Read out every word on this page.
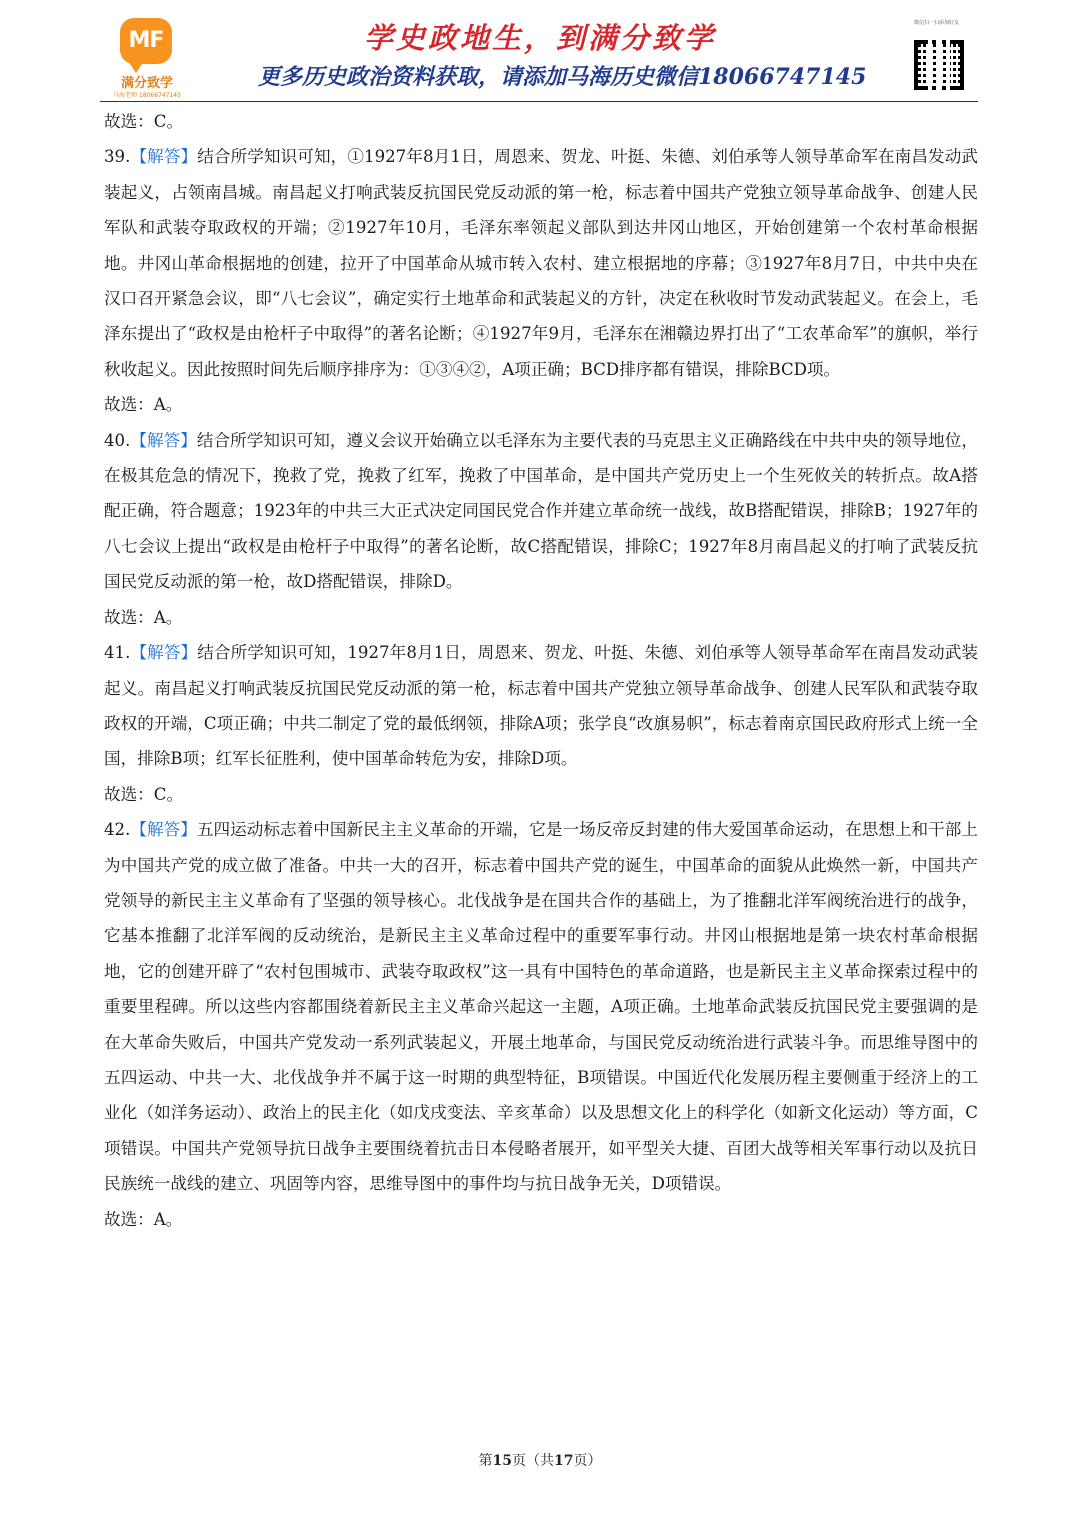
MF
满分致学
马海老师 18066747145
学史政地生，到满分致学
更多历史政治资料获取，请添加马海历史微信18066747145
微信扫一扫添加好友

故选：C。

39.【解答】结合所学知识可知，①1927年8月1日，周恩来、贺龙、叶挺、朱德、刘伯承等人领导革命军在南昌发动武装起义，占领南昌城。南昌起义打响武装反抗国民党反动派的第一枪，标志着中国共产党独立领导革命战争、创建人民军队和武装夺取政权的开端；②1927年10月，毛泽东率领起义部队到达井冈山地区，开始创建第一个农村革命根据地。井冈山革命根据地的创建，拉开了中国革命从城市转入农村、建立根据地的序幕；③1927年8月7日，中共中央在汉口召开紧急会议，即“八七会议”，确定实行土地革命和武装起义的方针，决定在秋收时节发动武装起义。在会上，毛泽东提出了“政权是由枪杆子中取得”的著名论断；④1927年9月，毛泽东在湘赣边界打出了“工农革命军”的旗帜，举行秋收起义。因此按照时间先后顺序排序为：①③④②，A项正确；BCD排序都有错误，排除BCD项。

故选：A。

40.【解答】结合所学知识可知，遵义会议开始确立以毛泽东为主要代表的马克思主义正确路线在中共中央的领导地位，在极其危急的情况下，挽救了党，挽救了红军，挽救了中国革命，是中国共产党历史上一个生死攸关的转折点。故A搭配正确，符合题意；1923年的中共三大正式决定同国民党合作并建立革命统一战线，故B搭配错误，排除B；1927年的八七会议上提出“政权是由枪杆子中取得”的著名论断，故C搭配错误，排除C；1927年8月南昌起义的打响了武装反抗国民党反动派的第一枪，故D搭配错误，排除D。

故选：A。

41.【解答】结合所学知识可知，1927年8月1日，周恩来、贺龙、叶挺、朱德、刘伯承等人领导革命军在南昌发动武装起义。南昌起义打响武装反抗国民党反动派的第一枪，标志着中国共产党独立领导革命战争、创建人民军队和武装夺取政权的开端，C项正确；中共二制定了党的最低纲领，排除A项；张学良“改旗易帜”，标志着南京国民政府形式上统一全国，排除B项；红军长征胜利，使中国革命转危为安，排除D项。

故选：C。

42.【解答】五四运动标志着中国新民主主义革命的开端，它是一场反帝反封建的伟大爱国革命运动，在思想上和干部上为中国共产党的成立做了准备。中共一大的召开，标志着中国共产党的诞生，中国革命的面貌从此焕然一新，中国共产党领导的新民主主义革命有了坚强的领导核心。北伐战争是在国共合作的基础上，为了推翻北洋军阀统治进行的战争，它基本推翻了北洋军阀的反动统治，是新民主主义革命过程中的重要军事行动。井冈山根据地是第一块农村革命根据地，它的创建开辟了“农村包围城市、武装夺取政权”这一具有中国特色的革命道路，也是新民主主义革命探索过程中的重要里程碑。所以这些内容都围绕着新民主主义革命兴起这一主题，A项正确。土地革命武装反抗国民党主要强调的是在大革命失败后，中国共产党发动一系列武装起义，开展土地革命，与国民党反动统治进行武装斗争。而思维导图中的五四运动、中共一大、北伐战争并不属于这一时期的典型特征，B项错误。中国近代化发展历程主要侧重于经济上的工业化（如洋务运动）、政治上的民主化（如戊戌变法、辛亥革命）以及思想文化上的科学化（如新文化运动）等方面，C项错误。中国共产党领导抗日战争主要围绕着抗击日本侵略者展开，如平型关大捷、百团大战等相关军事行动以及抗日民族统一战线的建立、巩固等内容，思维导图中的事件均与抗日战争无关，D项错误。

故选：A。

第15页（共17页）
